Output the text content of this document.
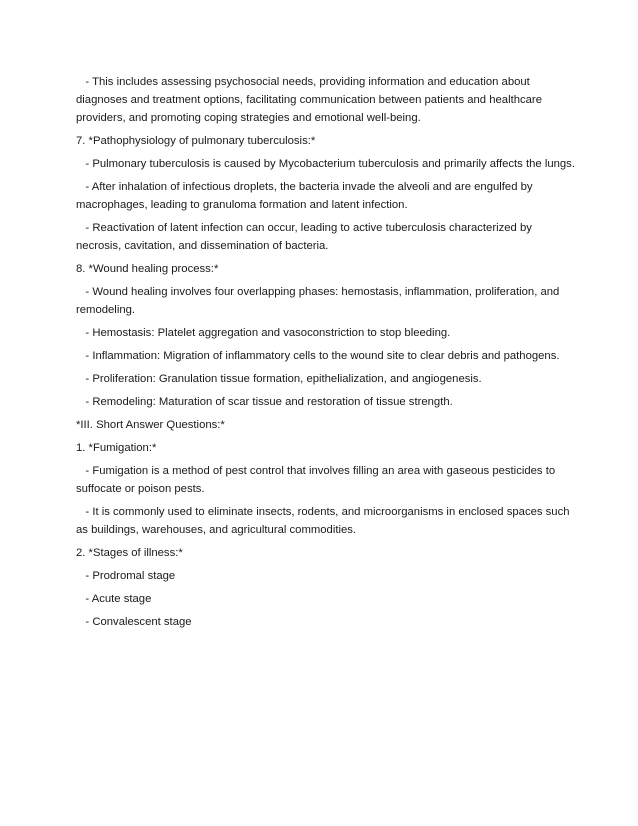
- This includes assessing psychosocial needs, providing information and education about diagnoses and treatment options, facilitating communication between patients and healthcare providers, and promoting coping strategies and emotional well-being.

7. *Pathophysiology of pulmonary tuberculosis:*

- Pulmonary tuberculosis is caused by Mycobacterium tuberculosis and primarily affects the lungs.

- After inhalation of infectious droplets, the bacteria invade the alveoli and are engulfed by macrophages, leading to granuloma formation and latent infection.

- Reactivation of latent infection can occur, leading to active tuberculosis characterized by necrosis, cavitation, and dissemination of bacteria.

8. *Wound healing process:*

- Wound healing involves four overlapping phases: hemostasis, inflammation, proliferation, and remodeling.

- Hemostasis: Platelet aggregation and vasoconstriction to stop bleeding.

- Inflammation: Migration of inflammatory cells to the wound site to clear debris and pathogens.

- Proliferation: Granulation tissue formation, epithelialization, and angiogenesis.

- Remodeling: Maturation of scar tissue and restoration of tissue strength.

*III. Short Answer Questions:*

1. *Fumigation:*

- Fumigation is a method of pest control that involves filling an area with gaseous pesticides to suffocate or poison pests.

- It is commonly used to eliminate insects, rodents, and microorganisms in enclosed spaces such as buildings, warehouses, and agricultural commodities.

2. *Stages of illness:*

- Prodromal stage

- Acute stage

- Convalescent stage
